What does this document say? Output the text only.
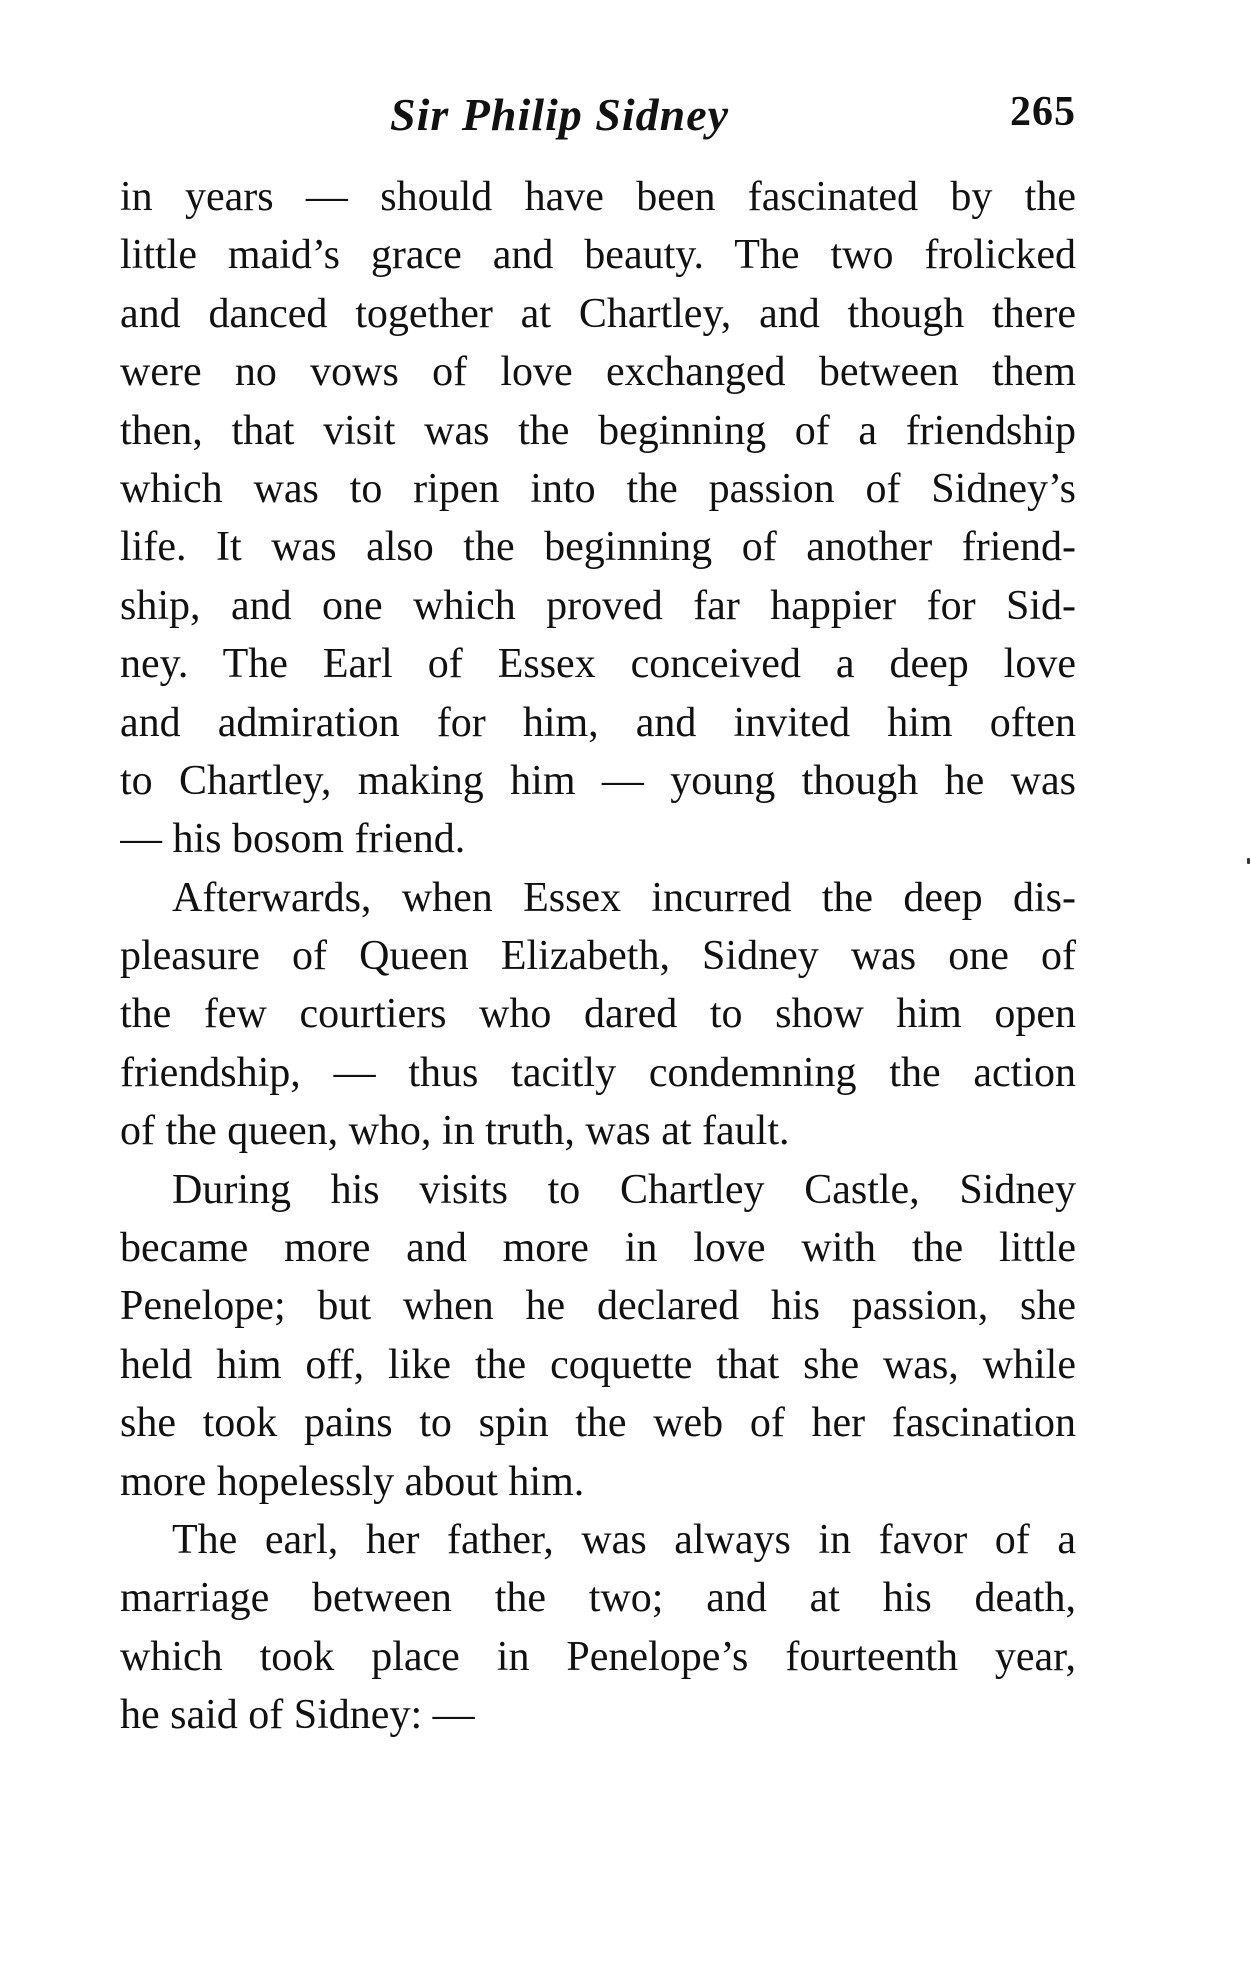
Sir Philip Sidney	265
in years — should have been fascinated by the
little maid’s grace and beauty. The two frolicked
and danced together at Chartley, and though there
were no vows of love exchanged between them
then, that visit was the beginning of a friendship
which was to ripen into the passion of Sidney’s
life. It was also the beginning of another friend-
ship, and one which proved far happier for Sid-
ney. The Earl of Essex conceived a deep love
and admiration for him, and invited him often
to Chartley, making him — young though he was
— his bosom friend.
Afterwards, when Essex incurred the deep dis-
pleasure of Queen Elizabeth, Sidney was one of
the few courtiers who dared to show him open
friendship, — thus tacitly condemning the action
of the queen, who, in truth, was at fault.
During his visits to Chartley Castle, Sidney
became more and more in love with the little
Penelope; but when he declared his passion, she
held him off, like the coquette that she was, while
she took pains to spin the web of her fascination
more hopelessly about him.
The earl, her father, was always in favor of a
marriage between the two; and at his death,
which took place in Penelope’s fourteenth year,
he said of Sidney: —
